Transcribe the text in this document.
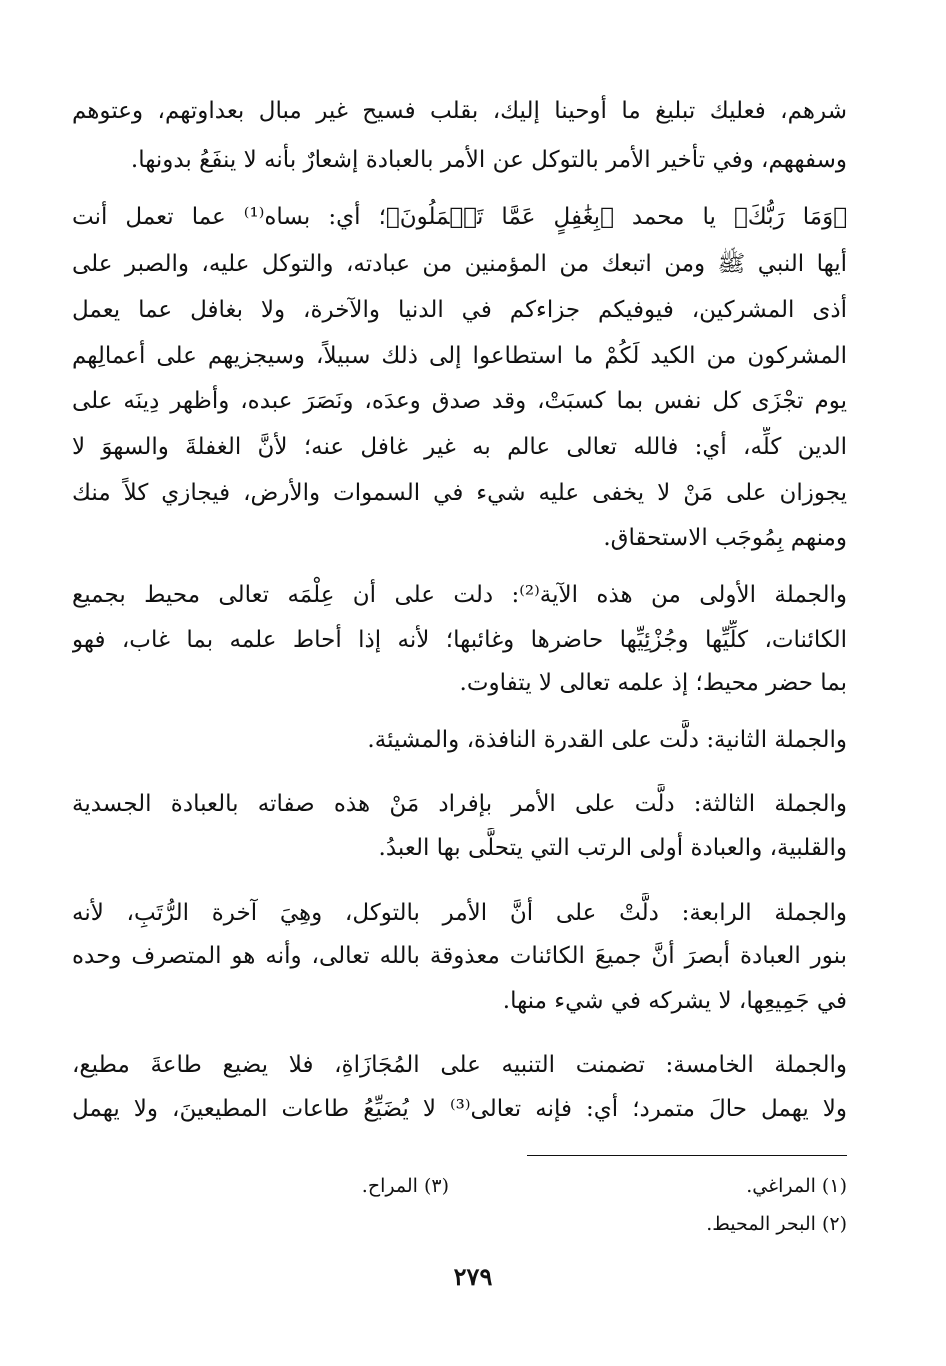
شرهم، فعليك تبليغ ما أوحينا إليك، بقلب فسيح غير مبال بعداوتهم، وعتوهم
وسفههم، وفي تأخير الأمر بالتوكل عن الأمر بالعبادة إشعارٌ بأنه لا ينفَعُ بدونها.
﴿وَمَا رَبُّكَ﴾ يا محمد ﴿بِغَٰفِلٍ عَمَّا تَعۡمَلُونَ﴾؛ أي: بساه⁽¹⁾ عما تعمل أنت
أيها النبي ﷺ ومن اتبعك من المؤمنين من عبادته، والتوكل عليه، والصبر على
أذى المشركين، فيوفيكم جزاءكم في الدنيا والآخرة، ولا بغافل عما يعمل
المشركون من الكيد لَكُمْ ما استطاعوا إلى ذلك سبيلاً، وسيجزيهم على أعمالِهم
يوم تجْزَى كل نفس بما كسبَتْ، وقد صدق وعدَه، ونَصَرَ عبده، وأظهر دِينَه على
الدين كلِّه، أي: فالله تعالى عالم به غير غافل عنه؛ لأنَّ الغفلةَ والسهوَ لا
يجوزان على مَنْ لا يخفى عليه شيء في السموات والأرض، فيجازي كلاً منك
ومنهم بِمُوجَب الاستحقاق.
والجملة الأولى من هذه الآية⁽²⁾: دلت على أن عِلْمَه تعالى محيط بجميع
الكائنات، كلِّيِّها وجُزْئِيِّها حاضرها وغائبها؛ لأنه إذا أحاط علمه بما غاب، فهو
بما حضر محيط؛ إذ علمه تعالى لا يتفاوت.
والجملة الثانية: دلَّت على القدرة النافذة، والمشيئة.
والجملة الثالثة: دلَّت على الأمر بإفراد مَنْ هذه صفاته بالعبادة الجسدية
والقلبية، والعبادة أولى الرتب التي يتحلَّى بها العبدُ.
والجملة الرابعة: دلَّتْ على أنَّ الأمر بالتوكل، وهِيَ آخرة الرُّتَبِ، لأنه
بنور العبادة أبصرَ أنَّ جميعَ الكائنات معذوقة بالله تعالى، وأنه هو المتصرف وحده
في جَمِيعِها، لا يشركه في شيء منها.
والجملة الخامسة: تضمنت التنبيه على المُجَازَاةِ، فلا يضيع طاعةَ مطيع،
ولا يهمل حالَ متمرد؛ أي: فإنه تعالى⁽³⁾ لا يُضَيِّعُ طاعات المطيعينَ، ولا يهمل
(١) المراغي.
(٣) المراح.
(٢) البحر المحيط.
٢٧٩
